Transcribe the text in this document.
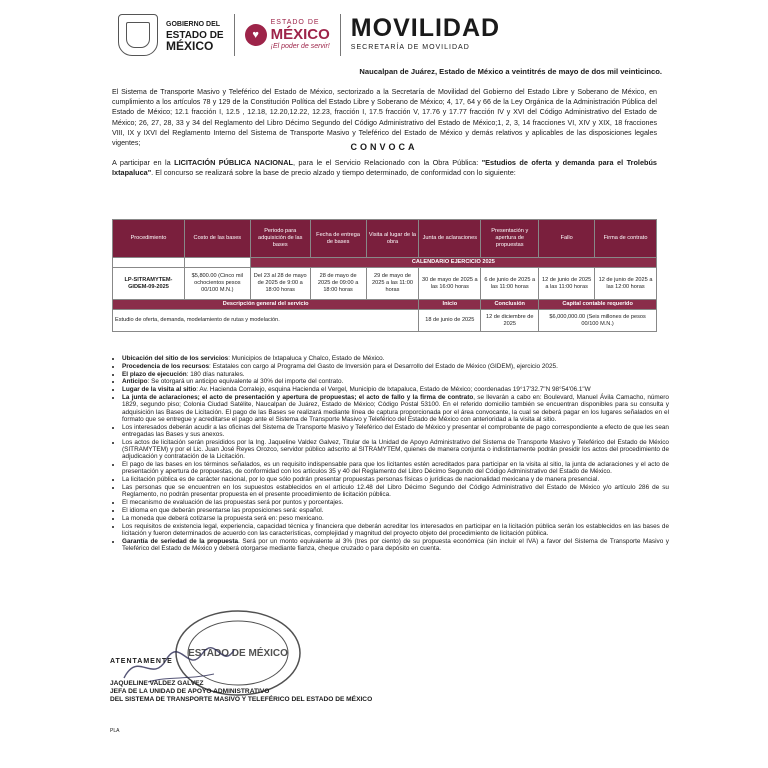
GOBIERNO DEL
ESTADO DE
MÉXICO
♥
ESTADO DE
MÉXICO
¡El poder de servir!
MOVILIDAD
SECRETARÍA DE MOVILIDAD
Naucalpan de Juárez, Estado de México a veintitrés de mayo de dos mil veinticinco.
El Sistema de Transporte Masivo y Teleférico del Estado de México, sectorizado a la Secretaría de Movilidad del Gobierno del Estado Libre y Soberano de México, en cumplimiento a los artículos 78 y 129 de la Constitución Política del Estado Libre y Soberano de México; 4, 17, 64 y 66 de la Ley Orgánica de la Administración Pública del Estado de México; 12.1 fracción I, 12.5 , 12.18, 12.20,12.22, 12.23, fracción I, 17.5 fracción V, 17.76 y 17.77 fracción IV y XVI del Código Administrativo del Estado de México; 26, 27, 28, 33 y 34 del Reglamento del Libro Décimo Segundo del Código Administrativo del Estado de México;1, 2, 3, 14 fracciones VI, XIV y XIX, 18 fracciones VIII, IX y IXVI del Reglamento Interno del Sistema de Transporte Masivo y Teleférico del Estado de México y demás relativos y aplicables de las disposiciones legales vigentes;	CONVOCA
A participar en la LICITACIÓN PÚBLICA NACIONAL, para le el Servicio Relacionado con la Obra Pública: "Estudios de oferta y demanda para el Trolebús Ixtapaluca". El concurso se realizará sobre la base de precio alzado y tiempo determinado, de conformidad con lo siguiente:
Procedimiento	Costo de las bases	Periodo para adquisición de las bases	Fecha de entrega de bases	Visita al lugar de la obra	Junta de aclaraciones	Presentación y apertura de propuestas	Fallo	Firma de contrato
		CALENDARIO EJERCICIO 2025						
LP-SITRAMYTEM-GIDEM-09-2025	$5,800.00 (Cinco mil ochocientos pesos 00/100 M.N.)	Del 23 al 28 de mayo de 2025 de 9:00 a 18:00 horas	28 de mayo de 2025 de 09:00 a 18:00 horas	29 de mayo de 2025 a las 11:00 horas	30 de mayo de 2025 a las 16:00 horas	6 de junio de 2025 a las 11:00 horas	12 de junio de 2025 a las 11:00 horas	12 de junio de 2025 a las 12:00 horas
Descripción general del servicio					Inicio	Conclusión	Capital contable requerido	
Estudio de oferta, demanda, modelamiento de rutas y modelación.					18 de junio de 2025	12 de diciembre de 2025	$6,000,000.00 (Seis millones de pesos 00/100 M.N.)	
• Ubicación del sitio de los servicios: Municipios de Ixtapaluca y Chalco, Estado de México.
• Procedencia de los recursos: Estatales con cargo al Programa del Gasto de Inversión para el Desarrollo del Estado de México (GIDEM), ejercicio 2025.
• El plazo de ejecución: 180 días naturales.
• Anticipo: Se otorgará un anticipo equivalente al 30% del importe del contrato.
• Lugar de la visita al sitio: Av. Hacienda Corralejo, esquina Hacienda el Vergel, Municipio de Ixtapaluca, Estado de México; coordenadas 19°17'32.7"N 98°54'06.1"W
• La junta de aclaraciones; el acto de presentación y apertura de propuestas; el acto de fallo y la firma de contrato, se llevarán a cabo en: Boulevard, Manuel Ávila Camacho, número 1829, segundo piso; Colonia Ciudad Satélite, Naucalpan de Juárez, Estado de México; Código Postal 53100. En el referido domicilio también se encuentran disponibles para su consulta y adquisición las Bases de Licitación. El pago de las Bases se realizará mediante línea de captura proporcionada por el área convocante, la cual se deberá pagar en los lugares señalados en el formato que se entregue y acreditarse el pago ante el Sistema de Transporte Masivo y Teleférico del Estado de México con anterioridad a la visita al sitio.
• Los interesados deberán acudir a las oficinas del Sistema de Transporte Masivo y Teleférico del Estado de México y presentar el comprobante de pago correspondiente a efecto de que les sean entregadas las Bases y sus anexos.
• Los actos de licitación serán presididos por la Ing. Jaqueline Valdez Galvez, Titular de la Unidad de Apoyo Administrativo del Sistema de Transporte Masivo y Teleférico del Estado de México (SITRAMYTEM) y por el Lic. Juan José Reyes Orozco, servidor público adscrito al SITRAMYTEM, quienes de manera conjunta o indistintamente podrán presidir los actos del procedimiento de adjudicación y contratación de la Licitación.
• El pago de las bases en los términos señalados, es un requisito indispensable para que los licitantes estén acreditados para participar en la visita al sitio, la junta de aclaraciones y el acto de presentación y apertura de propuestas, de conformidad con los artículos 35 y 40 del Reglamento del Libro Décimo Segundo del Código Administrativo del Estado de México.
• La licitación pública es de carácter nacional, por lo que sólo podrán presentar propuestas personas físicas o jurídicas de nacionalidad mexicana y de manera presencial.
• Las personas que se encuentren en los supuestos establecidos en el artículo 12.48 del Libro Décimo Segundo del Código Administrativo del Estado de México y/o artículo 286 de su Reglamento, no podrán presentar propuesta en el presente procedimiento de licitación pública.
• El mecanismo de evaluación de las propuestas será por puntos y porcentajes.
• El idioma en que deberán presentarse las proposiciones será: español.
• La moneda que deberá cotizarse la propuesta será en: peso mexicano.
• Los requisitos de existencia legal, experiencia, capacidad técnica y financiera que deberán acreditar los interesados en participar en la licitación pública serán los establecidos en las bases de licitación y fueron determinados de acuerdo con las características, complejidad y magnitud del proyecto objeto del procedimiento de licitación pública.
• Garantía de seriedad de la propuesta. Será por un monto equivalente al 3% (tres por ciento) de su propuesta económica (sin incluir el IVA) a favor del Sistema de Transporte Masivo y Teleférico del Estado de México y deberá otorgarse mediante fianza, cheque cruzado o para depósito en cuenta.
ESTADO DE MÉXICO
ATENTAMENTE
JAQUELINE VALDEZ GALVEZ
JEFA DE LA UNIDAD DE APOYO ADMINISTRATIVO
DEL SISTEMA DE TRANSPORTE MASIVO Y TELEFÉRICO DEL ESTADO DE MÉXICO
PLA
